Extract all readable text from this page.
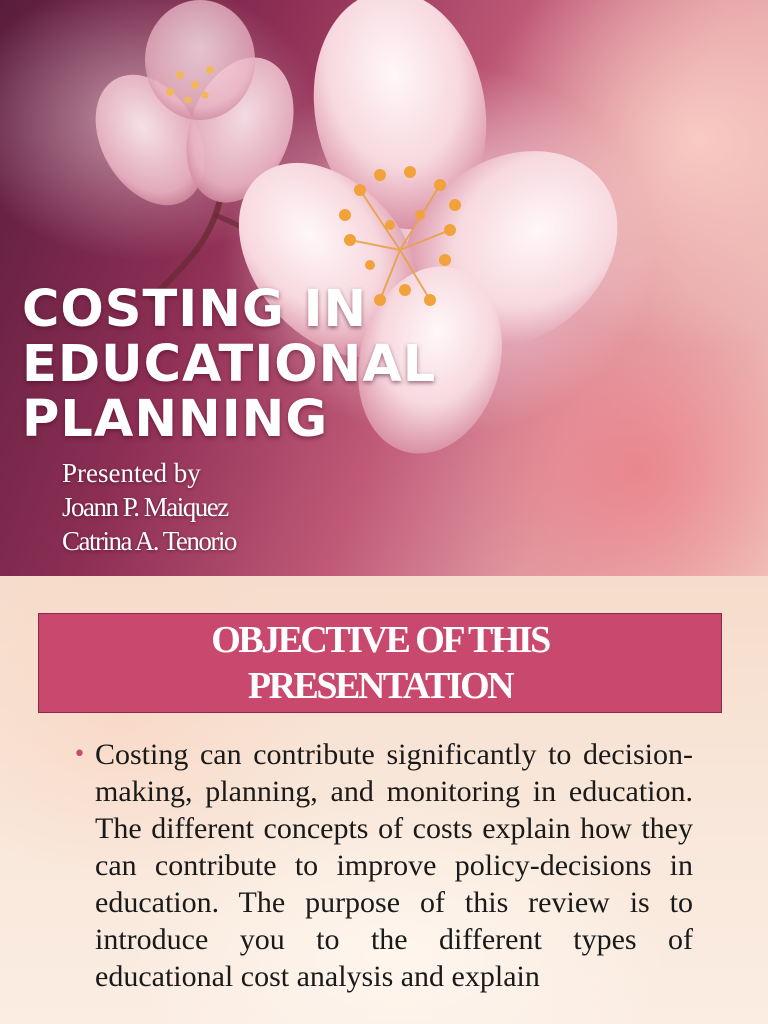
COSTING IN
EDUCATIONAL
PLANNING
Presented by
Joann P. Maiquez
Catrina A. Tenorio
OBJECTIVE OF THIS
PRESENTATION
• Costing can contribute significantly to decision-making, planning, and monitoring in education. The different concepts of costs explain how they can contribute to improve policy-decisions in education. The purpose of this review is to introduce you to the different types of educational cost analysis and explain
